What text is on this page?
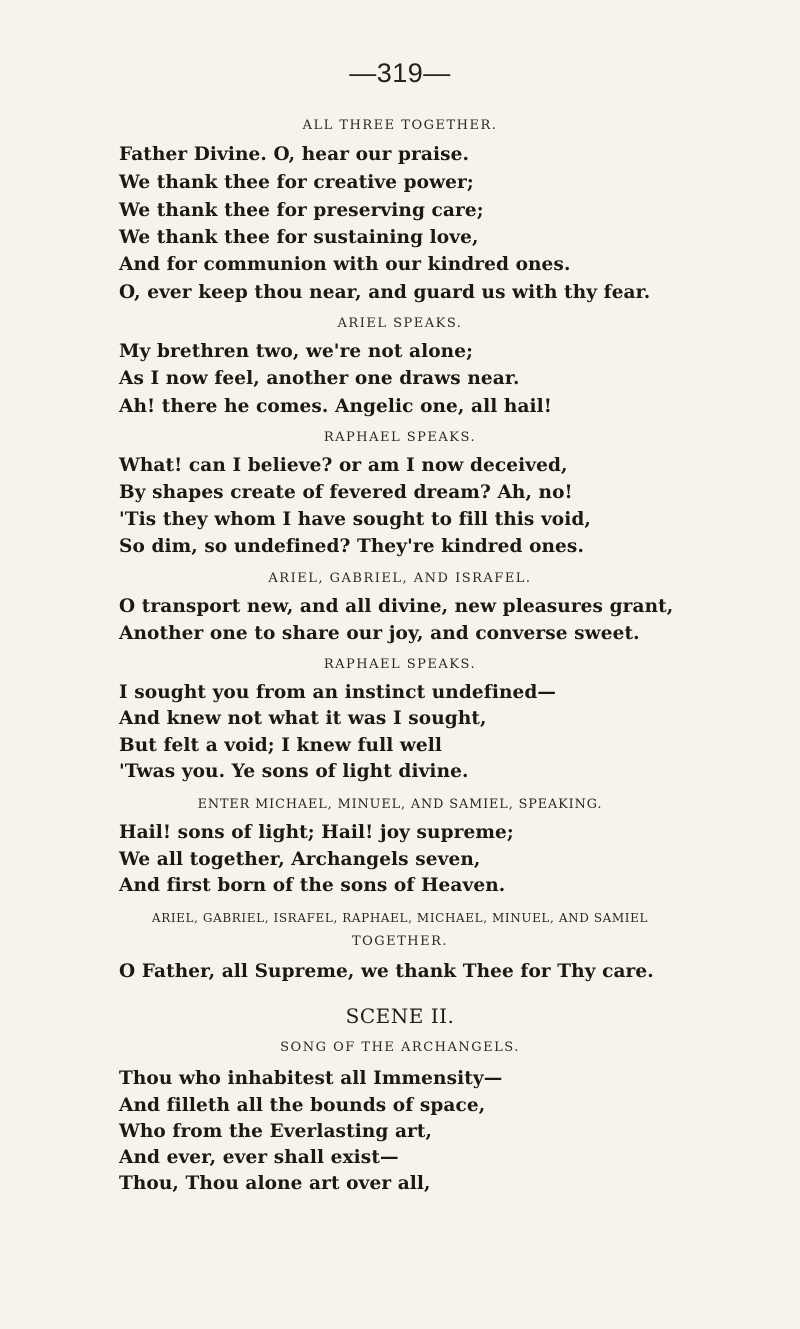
—319—
ALL THREE TOGETHER.
Father Divine. O, hear our praise.
We thank thee for creative power;
We thank thee for preserving care;
We thank thee for sustaining love,
And for communion with our kindred ones.
O, ever keep thou near, and guard us with thy fear.
ARIEL SPEAKS.
My brethren two, we're not alone;
As I now feel, another one draws near.
Ah! there he comes. Angelic one, all hail!
RAPHAEL SPEAKS.
What! can I believe? or am I now deceived,
By shapes create of fevered dream? Ah, no!
'Tis they whom I have sought to fill this void,
So dim, so undefined? They're kindred ones.
ARIEL, GABRIEL, AND ISRAFEL.
O transport new, and all divine, new pleasures grant,
Another one to share our joy, and converse sweet.
RAPHAEL SPEAKS.
I sought you from an instinct undefined—
And knew not what it was I sought,
But felt a void; I knew full well
'Twas you. Ye sons of light divine.
ENTER MICHAEL, MINUEL, AND SAMIEL, SPEAKING.
Hail! sons of light; Hail! joy supreme;
We all together, Archangels seven,
And first born of the sons of Heaven.
ARIEL, GABRIEL, ISRAFEL, RAPHAEL, MICHAEL, MINUEL, AND SAMIEL
TOGETHER.
O Father, all Supreme, we thank Thee for Thy care.
SCENE II.
SONG OF THE ARCHANGELS.
Thou who inhabitest all Immensity—
And filleth all the bounds of space,
Who from the Everlasting art,
And ever, ever shall exist—
Thou, Thou alone art over all,
